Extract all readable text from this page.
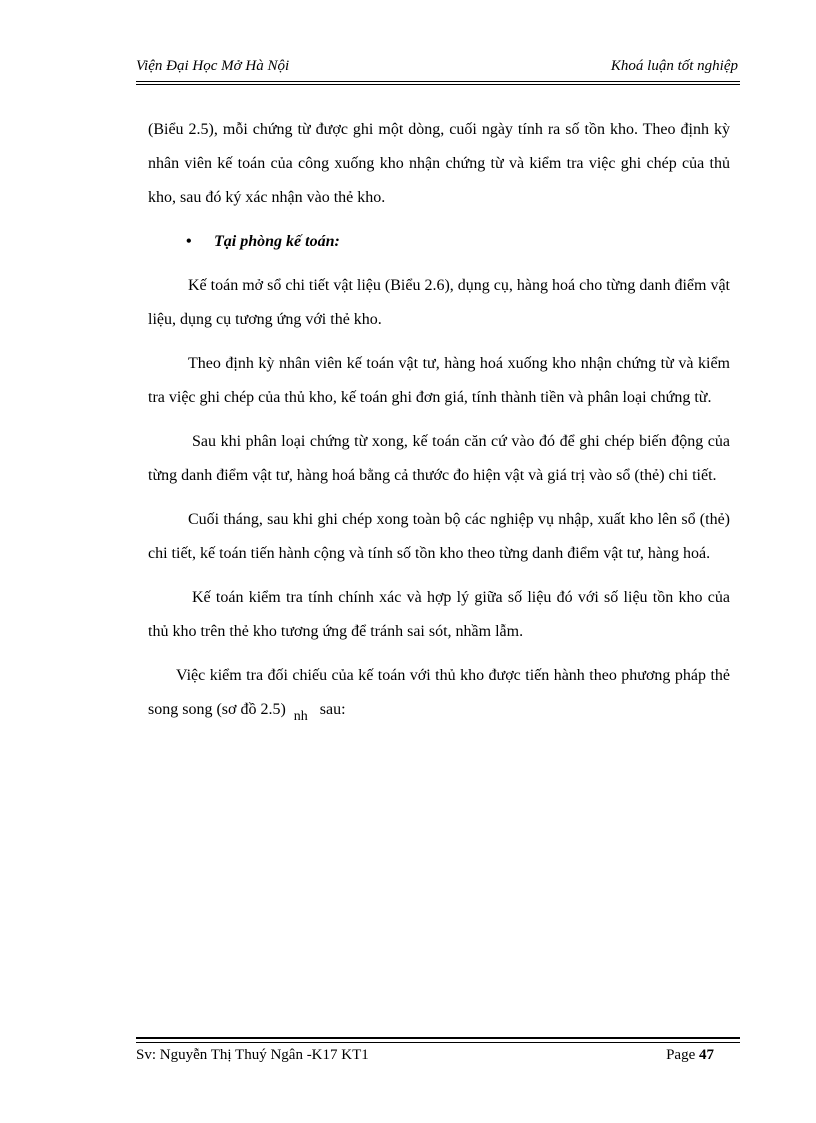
Viện Đại Học Mở Hà Nội	Khoá luận tốt nghiệp

(Biểu 2.5), mỗi chứng từ được ghi một dòng, cuối ngày tính ra số tồn kho. Theo định kỳ nhân viên kế toán của công xuống kho nhận chứng từ và kiểm tra việc ghi chép của thủ kho, sau đó ký xác nhận vào thẻ kho.

• Tại phòng kế toán:

Kế toán mở sổ chi tiết vật liệu (Biểu 2.6), dụng cụ, hàng hoá cho từng danh điểm vật liệu, dụng cụ tương ứng với thẻ kho.

Theo định kỳ nhân viên kế toán vật tư, hàng hoá xuống kho nhận chứng từ và kiểm tra việc ghi chép của thủ kho, kế toán ghi đơn giá, tính thành tiền và phân loại chứng từ.

Sau khi phân loại chứng từ xong, kế toán căn cứ vào đó để ghi chép biến động của từng danh điểm vật tư, hàng hoá bằng cả thước đo hiện vật và giá trị vào sổ (thẻ) chi tiết.

Cuối tháng, sau khi ghi chép xong toàn bộ các nghiệp vụ nhập, xuất kho lên sổ (thẻ) chi tiết, kế toán tiến hành cộng và tính số tồn kho theo từng danh điểm vật tư, hàng hoá.

Kế toán kiểm tra tính chính xác và hợp lý giữa số liệu đó với số liệu tồn kho của thủ kho trên thẻ kho tương ứng để tránh sai sót, nhầm lẫm.

Việc kiểm tra đối chiếu của kế toán với thủ kho được tiến hành theo phương pháp thẻ song song (sơ đồ 2.5) nh sau:

Sv: Nguyễn Thị Thuý Ngân -K17 KT1	Page 47
